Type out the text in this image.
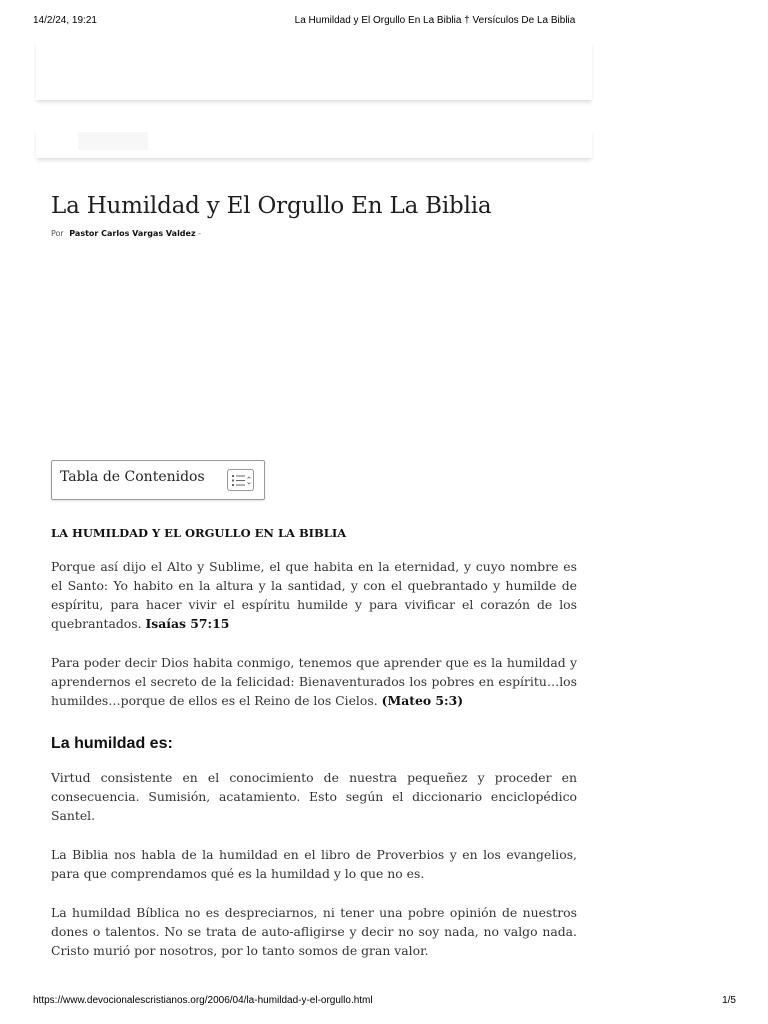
14/2/24, 19:21	La Humildad y El Orgullo En La Biblia † Versículos De La Biblia
La Humildad y El Orgullo En La Biblia
Por Pastor Carlos Vargas Valdez -
Tabla de Contenidos

LA HUMILDAD Y EL ORGULLO EN LA BIBLIA

Porque así dijo el Alto y Sublime, el que habita en la eternidad, y cuyo nombre es el Santo: Yo habito en la altura y la santidad, y con el quebrantado y humilde de espíritu, para hacer vivir el espíritu humilde y para vivificar el corazón de los quebrantados. Isaías 57:15

Para poder decir Dios habita conmigo, tenemos que aprender que es la humildad y aprendernos el secreto de la felicidad: Bienaventurados los pobres en espíritu…los humildes…porque de ellos es el Reino de los Cielos. (Mateo 5:3)

La humildad es:

Virtud consistente en el conocimiento de nuestra pequeñez y proceder en consecuencia. Sumisión, acatamiento. Esto según el diccionario enciclopédico Santel.

La Biblia nos habla de la humildad en el libro de Proverbios y en los evangelios, para que comprendamos qué es la humildad y lo que no es.

La humildad Bíblica no es despreciarnos, ni tener una pobre opinión de nuestros dones o talentos. No se trata de auto-afligirse y decir no soy nada, no valgo nada. Cristo murió por nosotros, por lo tanto somos de gran valor.

https://www.devocionalescristianos.org/2006/04/la-humildad-y-el-orgullo.html	1/5
